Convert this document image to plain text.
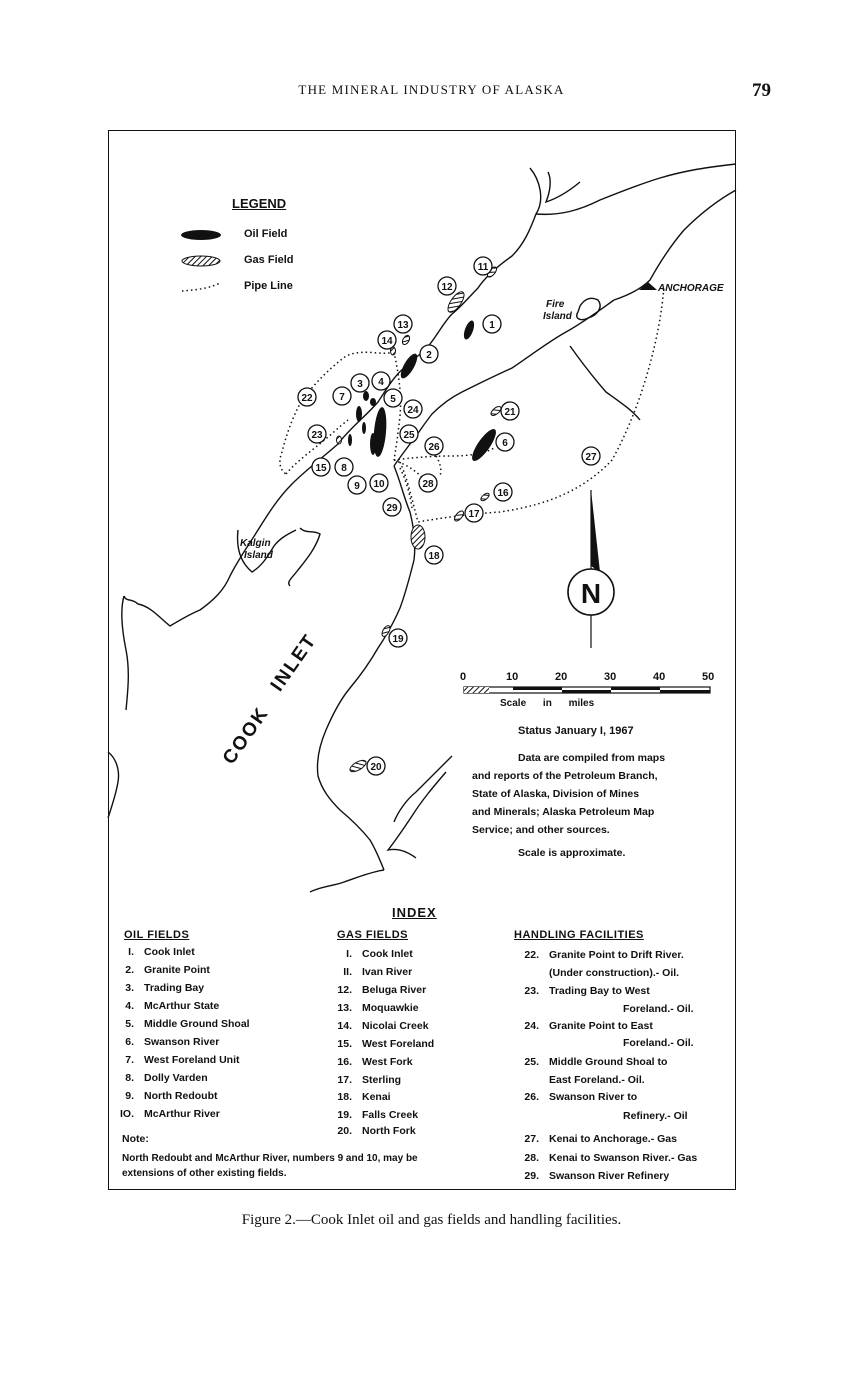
THE MINERAL INDUSTRY OF ALASKA	79
1
2
3 4
5
6
7
8
9 10
11
12
13
14
15
16
17
18
19
20
21
22
23
24
25
26
27
28
29
N
LEGEND
Oil Field
Gas Field
Pipe Line	ANCHORAGE
Fire
Island
Kalgin
Island
COOK
INLET	0	10	20	30	40	50
Scale in miles
Status January I, 1967
Data are compiled from maps
and reports of the Petroleum Branch,
State of Alaska, Division of Mines
and Minerals; Alaska Petroleum Map
Service; and other sources.
Scale is approximate.
INDEX
OIL FIELDS	GAS FIELDS	HANDLING FACILITIES
I. Cook Inlet
2. Granite Point
3. Trading Bay
4. McArthur State
5. Middle Ground Shoal
6. Swanson River
7. West Foreland Unit
8. Dolly Varden
9. North Redoubt
IO. McArthur River
I. Cook Inlet
II. Ivan River
12. Beluga River
13. Moquawkie
14. Nicolai Creek
15. West Foreland
16. West Fork
17. Sterling
18. Kenai
19. Falls Creek
20. North Fork
22. Granite Point to Drift River.
(Under construction).- Oil.
23. Trading Bay to West
Foreland.- Oil.
24. Granite Point to East
Foreland.- Oil.
25. Middle Ground Shoal to
East Foreland.- Oil.
26. Swanson River to
Refinery.- Oil
27. Kenai to Anchorage.- Gas
28. Kenai to Swanson River.- Gas
29. Swanson River Refinery
Note:
North Redoubt and McArthur River, numbers 9 and 10, may be extensions of other existing fields.
Figure 2.—Cook Inlet oil and gas fields and handling facilities.
